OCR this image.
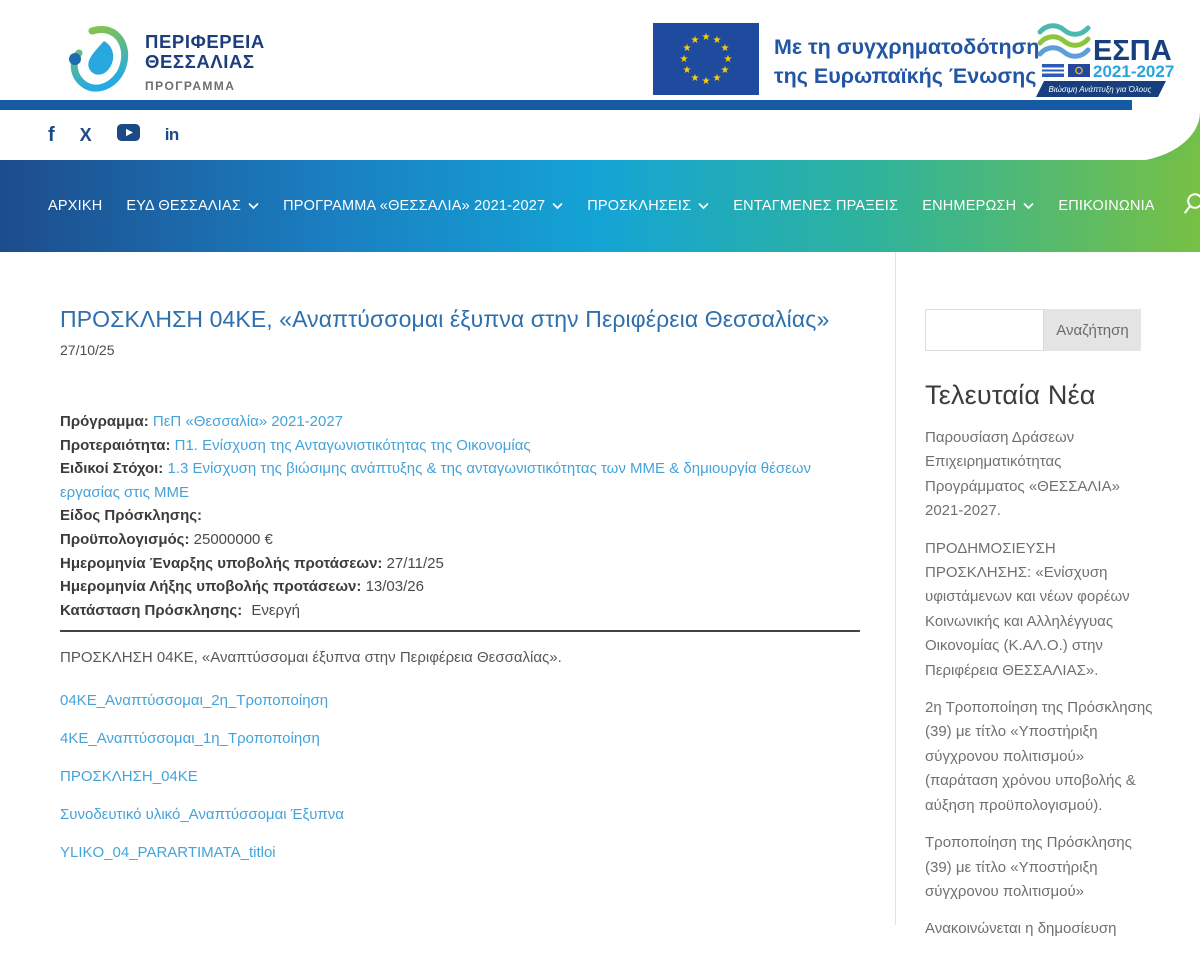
ΠΕΡΙΦΕΡΕΙΑ
ΘΕΣΣΑΛΙΑΣ
ΠΡΟΓΡΑΜΜΑ
★ ★
★
★
★
★
★
★
★
★
★
★	Με τη συγχρηματοδότηση
της Ευρωπαϊκής Ένωσης
ΕΣΠΑ
2021-2027
Βιώσιμη Ανάπτυξη για Όλους
f X	in
ΑΡΧΙΚΗ ΕΥΔ ΘΕΣΣΑΛΙΑΣ	ΠΡΟΓΡΑΜΜΑ «ΘΕΣΣΑΛΙΑ» 2021-2027	ΠΡΟΣΚΛΗΣΕΙΣ	ΕΝΤΑΓΜΕΝΕΣ ΠΡΑΞΕΙΣ ΕΝΗΜΕΡΩΣΗ	ΕΠΙΚΟΙΝΩΝΙΑ
ΠΡΟΣΚΛΗΣΗ 04ΚΕ, «Αναπτύσσομαι έξυπνα στην Περιφέρεια Θεσσαλίας»
27/10/25
Πρόγραμμα: ΠεΠ «Θεσσαλία» 2021-2027
Προτεραιότητα: Π1. Ενίσχυση της Ανταγωνιστικότητας της Οικονομίας
Ειδικοί Στόχοι: 1.3 Ενίσχυση της βιώσιμης ανάπτυξης & της ανταγωνιστικότητας των ΜΜΕ & δημιουργία θέσεων εργασίας στις ΜΜΕ
Είδος Πρόσκλησης:
Προϋπολογισμός: 25000000 €
Ημερομηνία Έναρξης υποβολής προτάσεων: 27/11/25
Ημερομηνία Λήξης υποβολής προτάσεων: 13/03/26
Κατάσταση Πρόσκλησης: Ενεργή

ΠΡΟΣΚΛΗΣΗ 04ΚΕ, «Αναπτύσσομαι έξυπνα στην Περιφέρεια Θεσσαλίας».

04ΚΕ_Αναπτύσσομαι_2η_Τροποποίηση
4ΚΕ_Αναπτύσσομαι_1η_Τροποποίηση
ΠΡΟΣΚΛΗΣΗ_04ΚΕ
Συνοδευτικό υλικό_Αναπτύσσομαι Έξυπνα
YLIKO_04_PARARTIMATA_titloi
Αναζήτηση
Τελευταία Νέα
Παρουσίαση Δράσεων Επιχειρηματικότητας Προγράμματος «ΘΕΣΣΑΛΙΑ» 2021-2027.
ΠΡΟΔΗΜΟΣΙΕΥΣΗ ΠΡΟΣΚΛΗΣΗΣ: «Ενίσχυση υφιστάμενων και νέων φορέων Κοινωνικής και Αλληλέγγυας Οικονομίας (Κ.ΑΛ.Ο.) στην Περιφέρεια ΘΕΣΣΑΛΙΑΣ».
2η Τροποποίηση της Πρόσκλησης (39) με τίτλο «Υποστήριξη σύγχρονου πολιτισμού» (παράταση χρόνου υποβολής & αύξηση προϋπολογισμού).
Τροποποίηση της Πρόσκλησης (39) με τίτλο «Υποστήριξη σύγχρονου πολιτισμού»
Ανακοινώνεται η δημοσίευση
